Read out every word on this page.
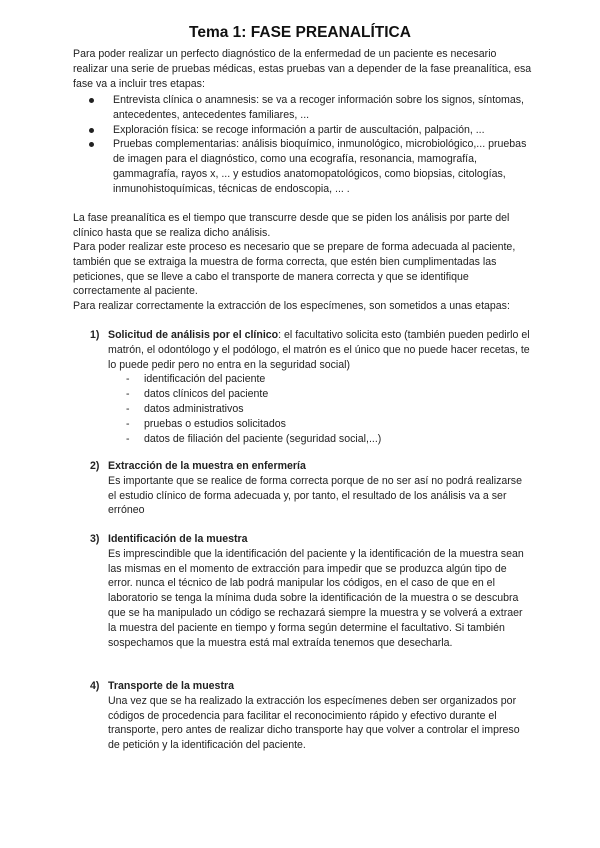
Tema 1: FASE PREANALÍTICA

Para poder realizar un perfecto diagnóstico de la enfermedad de un paciente es necesario realizar una serie de pruebas médicas, estas pruebas van a depender de la fase preanalítica, esa fase va a incluir tres etapas:

Entrevista clínica o anamnesis: se va a recoger información sobre los signos, síntomas, antecedentes, antecedentes familiares, ...
Exploración física: se recoge información a partir de auscultación, palpación, ...
Pruebas complementarias: análisis bioquímico, inmunológico, microbiológico,... pruebas de imagen para el diagnóstico, como una ecografía, resonancia, mamografía, gammagrafía, rayos x, ... y estudios anatomopatológicos, como biopsias, citologías, inmunohistoquímicas, técnicas de endoscopia, ... .

La fase preanalítica es el tiempo que transcurre desde que se piden los análisis por parte del clínico hasta que se realiza dicho análisis.

Para poder realizar este proceso es necesario que se prepare de forma adecuada al paciente, también que se extraiga la muestra de forma correcta, que estén bien cumplimentadas las peticiones, que se lleve a cabo el transporte de manera correcta y que se identifique correctamente al paciente.

Para realizar correctamente la extracción de los especímenes, son sometidos a unas etapas:

1) Solicitud de análisis por el clínico: el facultativo solicita esto (también pueden pedirlo el matrón, el odontólogo y el podólogo, el matrón es el único que no puede hacer recetas, te lo puede pedir pero no entra en la seguridad social)
- identificación del paciente
- datos clínicos del paciente
- datos administrativos
- pruebas o estudios solicitados
- datos de filiación del paciente (seguridad social,...)
2) Extracción de la muestra en enfermería
Es importante que se realice de forma correcta porque de no ser así no podrá realizarse el estudio clínico de forma adecuada y, por tanto, el resultado de los análisis va a ser erróneo
3) Identificación de la muestra
Es imprescindible que la identificación del paciente y la identificación de la muestra sean las mismas en el momento de extracción para impedir que se produzca algún tipo de error. nunca el técnico de lab podrá manipular los códigos, en el caso de que en el laboratorio se tenga la mínima duda sobre la identificación de la muestra o se descubra que se ha manipulado un código se rechazará siempre la muestra y se volverá a extraer la muestra del paciente en tiempo y forma según determine el facultativo. Si también sospechamos que la muestra está mal extraída tenemos que desecharla.
4) Transporte de la muestra
Una vez que se ha realizado la extracción los especímenes deben ser organizados por códigos de procedencia para facilitar el reconocimiento rápido y efectivo durante el transporte, pero antes de realizar dicho transporte hay que volver a controlar el impreso de petición y la identificación del paciente.
